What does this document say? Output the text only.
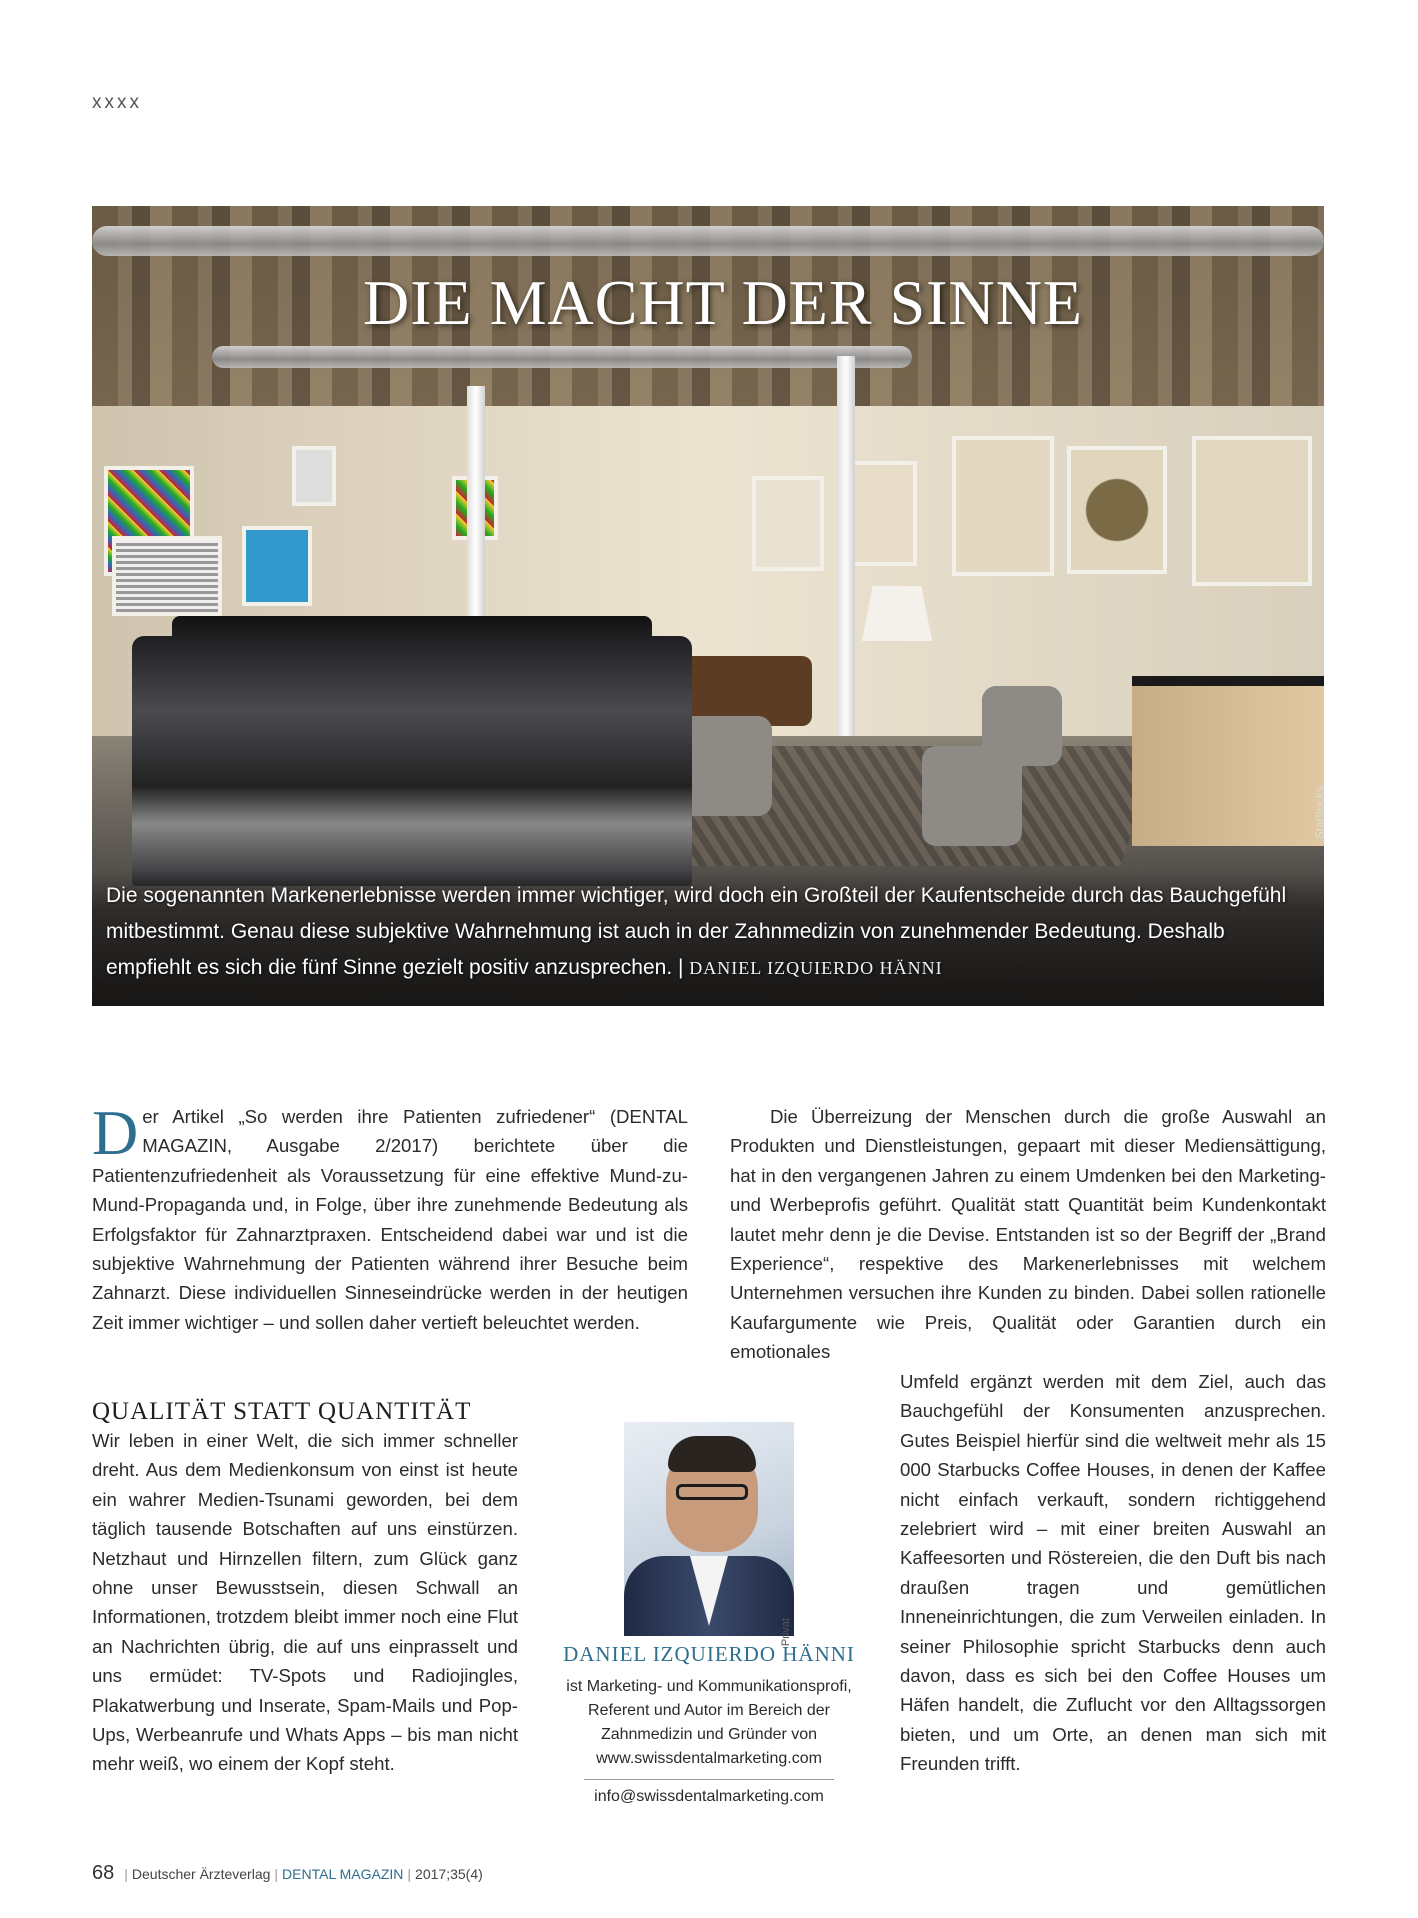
xxxx
DIE MACHT DER SINNE
Starbucks
Die sogenannten Markenerlebnisse werden immer wichtiger, wird doch ein Großteil der Kaufentscheide durch das Bauchgefühl mitbestimmt. Genau diese subjektive Wahrnehmung ist auch in der Zahnmedizin von zunehmender Bedeutung. Deshalb empfiehlt es sich die fünf Sinne gezielt positiv anzusprechen. | DANIEL IZQUIERDO HÄNNI
Der Artikel „So werden ihre Patienten zufriedener“ (DENTAL MAGAZIN, Ausgabe 2/2017) berichtete über die Patientenzufriedenheit als Voraussetzung für eine effektive Mund-zu-Mund-Propaganda und, in Folge, über ihre zunehmende Bedeutung als Erfolgsfaktor für Zahnarztpraxen. Entscheidend dabei war und ist die subjektive Wahrnehmung der Patienten während ihrer Besuche beim Zahnarzt. Diese individuellen Sinneseindrücke werden in der heutigen Zeit immer wichtiger – und sollen daher vertieft beleuchtet werden.

Die Überreizung der Menschen durch die große Auswahl an Produkten und Dienstleistungen, gepaart mit dieser Mediensättigung, hat in den vergangenen Jahren zu einem Umdenken bei den Marketing- und Werbeprofis geführt. Qualität statt Quantität beim Kundenkontakt lautet mehr denn je die Devise. Entstanden ist so der Begriff der „Brand Experience“, respektive des Markenerlebnisses mit welchem Unternehmen versuchen ihre Kunden zu binden. Dabei sollen rationelle Kaufargumente wie Preis, Qualität oder Garantien durch ein emotionales

QUALITÄT STATT QUANTITÄT
Wir leben in einer Welt, die sich immer schneller dreht. Aus dem Medienkonsum von einst ist heute ein wahrer Medien-Tsunami geworden, bei dem täglich tausende Botschaften auf uns einstürzen. Netzhaut und Hirnzellen filtern, zum Glück ganz ohne unser Bewusstsein, diesen Schwall an Informationen, trotzdem bleibt immer noch eine Flut an Nachrichten übrig, die auf uns einprasselt und uns ermüdet: TV-Spots und Radiojingles, Plakatwerbung und Inserate, Spam-Mails und Pop-Ups, Werbeanrufe und Whats Apps – bis man nicht mehr weiß, wo einem der Kopf steht.
Umfeld ergänzt werden mit dem Ziel, auch das Bauchgefühl der Konsumenten anzusprechen. Gutes Beispiel hierfür sind die weltweit mehr als 15 000 Starbucks Coffee Houses, in denen der Kaffee nicht einfach verkauft, sondern richtiggehend zelebriert wird – mit einer breiten Auswahl an Kaffeesorten und Röstereien, die den Duft bis nach draußen tragen und gemütlichen Inneneinrichtungen, die zum Verweilen einladen. In seiner Philosophie spricht Starbucks denn auch davon, dass es sich bei den Coffee Houses um Häfen handelt, die Zuflucht vor den Alltagssorgen bieten, und um Orte, an denen man sich mit Freunden trifft.
Privat
DANIEL IZQUIERDO HÄNNI
ist Marketing- und Kommunikationsprofi,
Referent und Autor im Bereich der
Zahnmedizin und Gründer von
www.swissdentalmarketing.com
info@swissdentalmarketing.com
68 | Deutscher Ärzteverlag | DENTAL MAGAZIN | 2017;35(4)
